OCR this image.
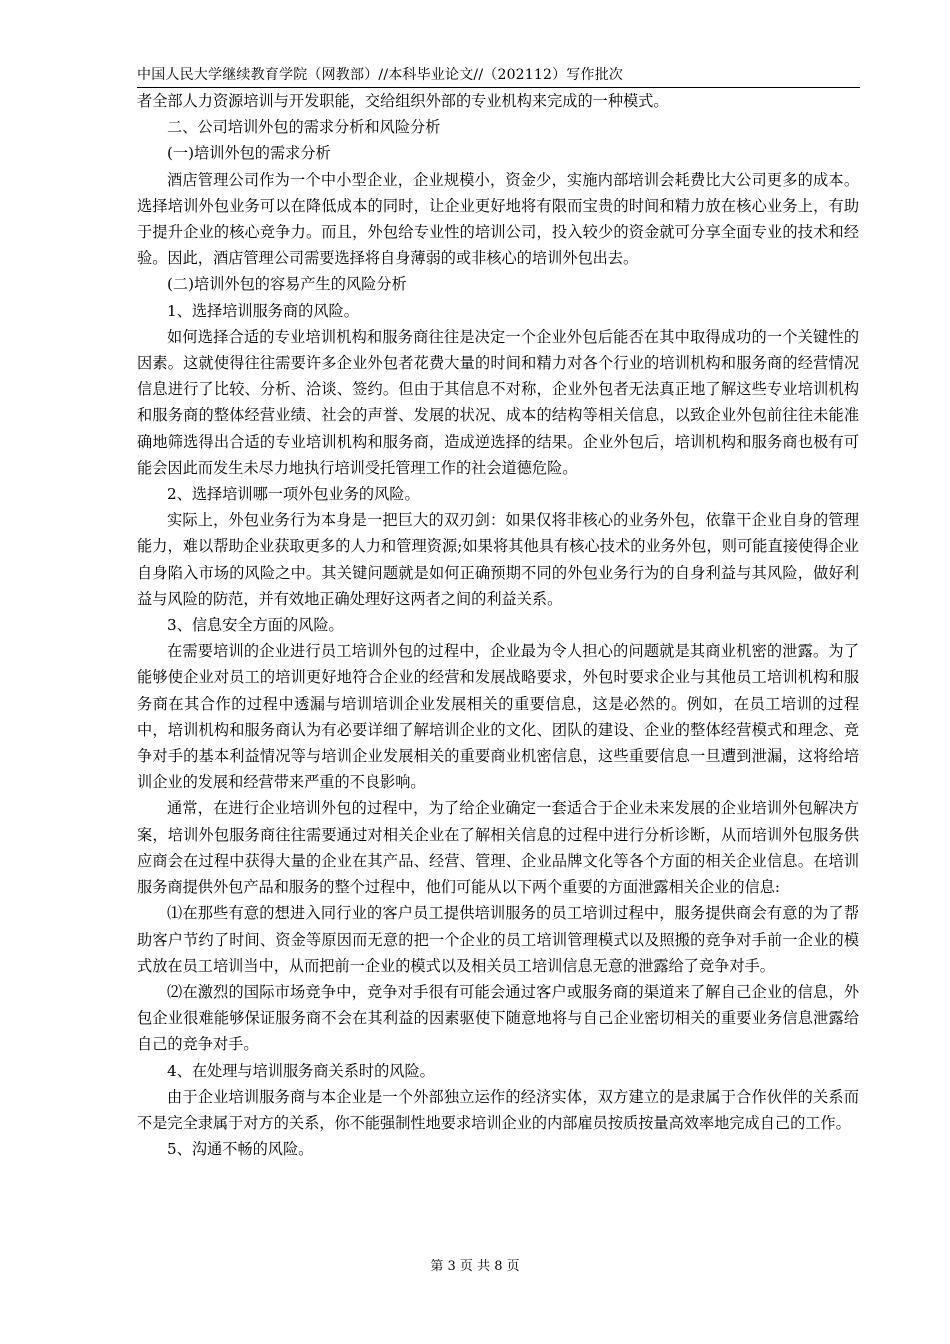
中国人民大学继续教育学院（网教部）//本科毕业论文//（202112）写作批次

者全部人力资源培训与开发职能，交给组织外部的专业机构来完成的一种模式。

二、公司培训外包的需求分析和风险分析

(一)培训外包的需求分析

酒店管理公司作为一个中小型企业，企业规模小，资金少，实施内部培训会耗费比大公司更多的成本。选择培训外包业务可以在降低成本的同时，让企业更好地将有限而宝贵的时间和精力放在核心业务上，有助于提升企业的核心竞争力。而且，外包给专业性的培训公司，投入较少的资金就可分享全面专业的技术和经验。因此，酒店管理公司需要选择将自身薄弱的或非核心的培训外包出去。

(二)培训外包的容易产生的风险分析

1、选择培训服务商的风险。

如何选择合适的专业培训机构和服务商往往是决定一个企业外包后能否在其中取得成功的一个关键性的因素。这就使得往往需要许多企业外包者花费大量的时间和精力对各个行业的培训机构和服务商的经营情况信息进行了比较、分析、洽谈、签约。但由于其信息不对称，企业外包者无法真正地了解这些专业培训机构和服务商的整体经营业绩、社会的声誉、发展的状况、成本的结构等相关信息，以致企业外包前往往未能准确地筛选得出合适的专业培训机构和服务商，造成逆选择的结果。企业外包后，培训机构和服务商也极有可能会因此而发生未尽力地执行培训受托管理工作的社会道德危险。

2、选择培训哪一项外包业务的风险。

实际上，外包业务行为本身是一把巨大的双刃剑：如果仅将非核心的业务外包，依靠干企业自身的管理能力，难以帮助企业获取更多的人力和管理资源;如果将其他具有核心技术的业务外包，则可能直接使得企业自身陷入市场的风险之中。其关键问题就是如何正确预期不同的外包业务行为的自身利益与其风险，做好利益与风险的防范，并有效地正确处理好这两者之间的利益关系。

3、信息安全方面的风险。

在需要培训的企业进行员工培训外包的过程中，企业最为令人担心的问题就是其商业机密的泄露。为了能够使企业对员工的培训更好地符合企业的经营和发展战略要求，外包时要求企业与其他员工培训机构和服务商在其合作的过程中透漏与培训培训企业发展相关的重要信息，这是必然的。例如，在员工培训的过程中，培训机构和服务商认为有必要详细了解培训企业的文化、团队的建设、企业的整体经营模式和理念、竞争对手的基本利益情况等与培训企业发展相关的重要商业机密信息，这些重要信息一旦遭到泄漏，这将给培训企业的发展和经营带来严重的不良影响。

通常，在进行企业培训外包的过程中，为了给企业确定一套适合于企业未来发展的企业培训外包解决方案，培训外包服务商往往需要通过对相关企业在了解相关信息的过程中进行分析诊断，从而培训外包服务供应商会在过程中获得大量的企业在其产品、经营、管理、企业品牌文化等各个方面的相关企业信息。在培训服务商提供外包产品和服务的整个过程中，他们可能从以下两个重要的方面泄露相关企业的信息:

⑴在那些有意的想进入同行业的客户员工提供培训服务的员工培训过程中，服务提供商会有意的为了帮助客户节约了时间、资金等原因而无意的把一个企业的员工培训管理模式以及照搬的竞争对手前一企业的模式放在员工培训当中，从而把前一企业的模式以及相关员工培训信息无意的泄露给了竞争对手。

⑵在激烈的国际市场竞争中，竞争对手很有可能会通过客户或服务商的渠道来了解自己企业的信息，外包企业很难能够保证服务商不会在其利益的因素驱使下随意地将与自己企业密切相关的重要业务信息泄露给自己的竞争对手。

4、在处理与培训服务商关系时的风险。

由于企业培训服务商与本企业是一个外部独立运作的经济实体，双方建立的是隶属于合作伙伴的关系而不是完全隶属于对方的关系，你不能强制性地要求培训企业的内部雇员按质按量高效率地完成自己的工作。

5、沟通不畅的风险。

第 3 页 共 8 页
